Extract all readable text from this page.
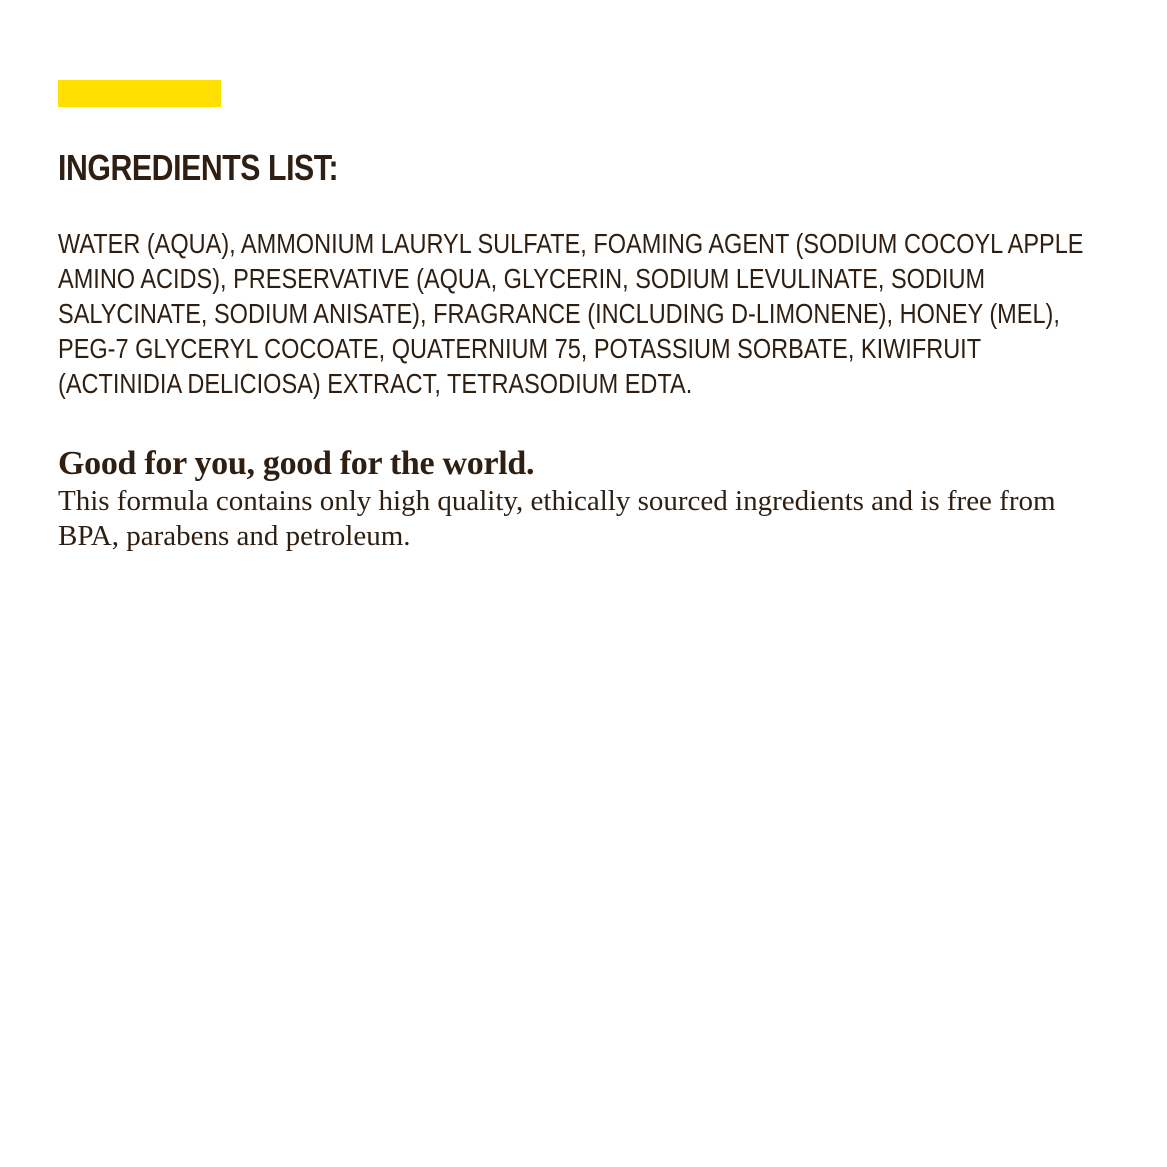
INGREDIENTS LIST:

WATER (AQUA), AMMONIUM LAURYL SULFATE, FOAMING AGENT (SODIUM COCOYL APPLE AMINO ACIDS), PRESERVATIVE (AQUA, GLYCERIN, SODIUM LEVULINATE, SODIUM SALYCINATE, SODIUM ANISATE), FRAGRANCE (INCLUDING D-LIMONENE), HONEY (MEL), PEG-7 GLYCERYL COCOATE, QUATERNIUM 75, POTASSIUM SORBATE, KIWIFRUIT (ACTINIDIA DELICIOSA) EXTRACT, TETRASODIUM EDTA.

Good for you, good for the world.

This formula contains only high quality, ethically sourced ingredients and is free from BPA, parabens and petroleum.
